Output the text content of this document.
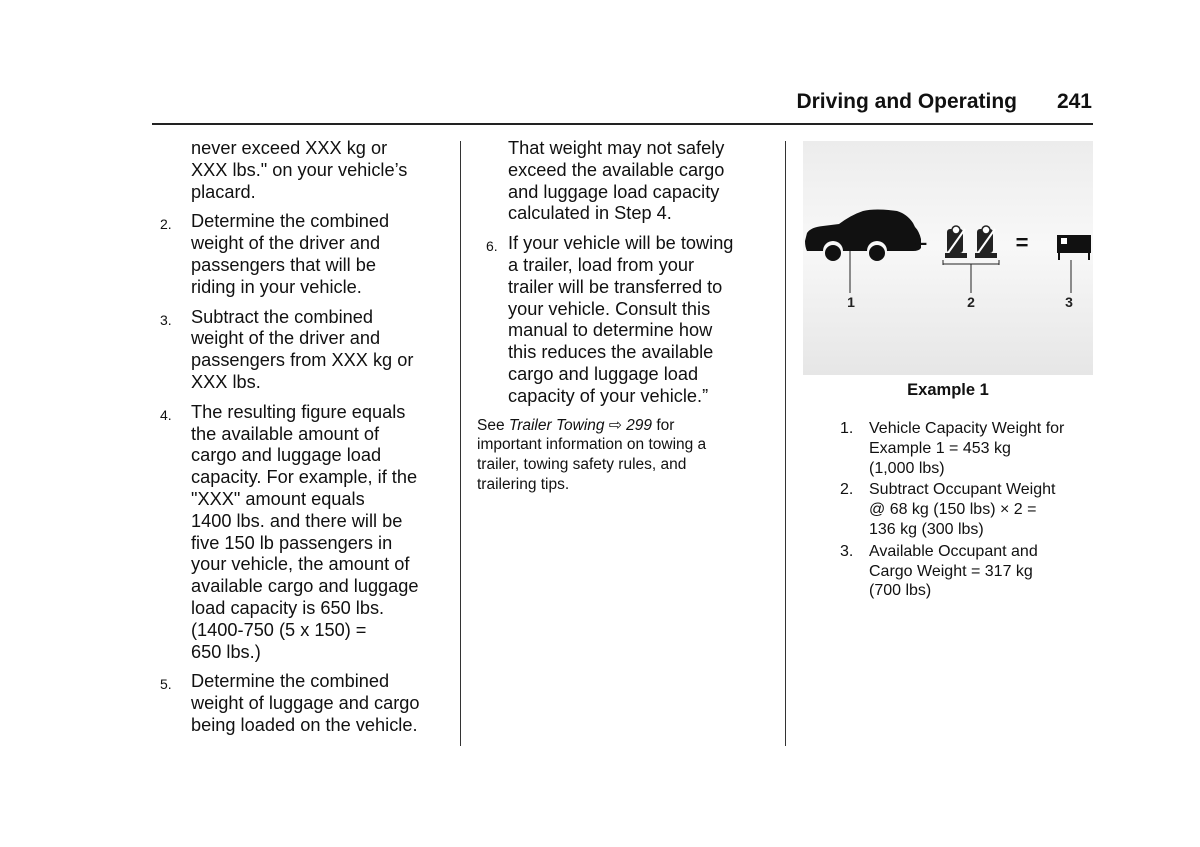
Driving and Operating 241
never exceed XXX kg or
XXX lbs." on your vehicle’s
placard.
2.	Determine the combined
weight of the driver and
passengers that will be
riding in your vehicle.
3.	Subtract the combined
weight of the driver and
passengers from XXX kg or
XXX lbs.
4.	The resulting figure equals
the available amount of
cargo and luggage load
capacity. For example, if the
"XXX" amount equals
1400 lbs. and there will be
five 150 lb passengers in
your vehicle, the amount of
available cargo and luggage
load capacity is 650 lbs.
(1400-750 (5 x 150) =
650 lbs.)
5.	Determine the combined
weight of luggage and cargo
being loaded on the vehicle.
That weight may not safely
exceed the available cargo
and luggage load capacity
calculated in Step 4.
6. If your vehicle will be towing
a trailer, load from your
trailer will be transferred to
your vehicle. Consult this
manual to determine how
this reduces the available
cargo and luggage load
capacity of your vehicle.”
See Trailer Towing ⇨ 299 for
important information on towing a
trailer, towing safety rules, and
trailering tips.
1
–
2
=
3
Example 1
1. Vehicle Capacity Weight for
Example 1 = 453 kg
(1,000 lbs)
2. Subtract Occupant Weight
@ 68 kg (150 lbs) × 2 =
136 kg (300 lbs)
3. Available Occupant and
Cargo Weight = 317 kg
(700 lbs)
